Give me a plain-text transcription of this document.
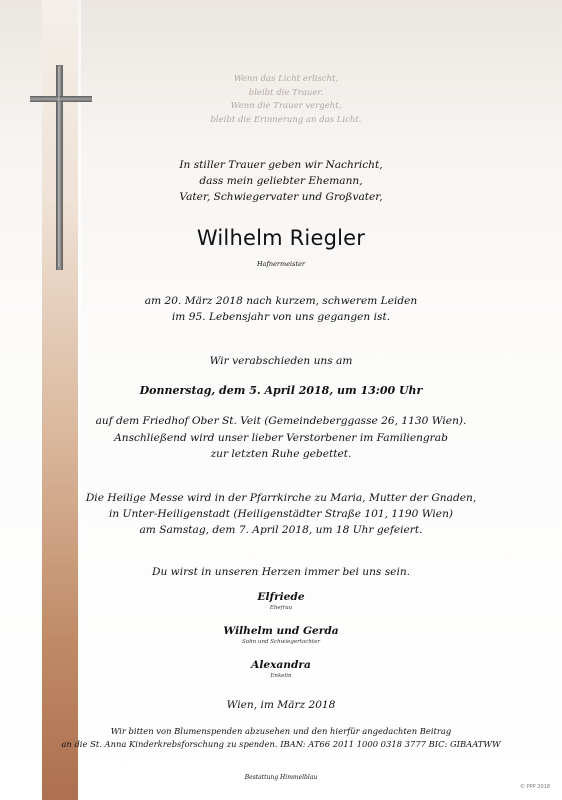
Wenn das Licht erlischt,
bleibt die Trauer.
Wenn die Trauer vergeht,
bleibt die Erinnerung an das Licht.
In stiller Trauer geben wir Nachricht,
dass mein geliebter Ehemann,
Vater, Schwiegervater und Großvater,
Wilhelm Riegler
Hafnermeister
am 20. März 2018 nach kurzem, schwerem Leiden
im 95. Lebensjahr von uns gegangen ist.
Wir verabschieden uns am
Donnerstag, dem 5. April 2018, um 13:00 Uhr
auf dem Friedhof Ober St. Veit (Gemeindeberggasse 26, 1130 Wien).
Anschließend wird unser lieber Verstorbener im Familiengrab
zur letzten Ruhe gebettet.
Die Heilige Messe wird in der Pfarrkirche zu Maria, Mutter der Gnaden,
in Unter-Heiligenstadt (Heiligenstädter Straße 101, 1190 Wien)
am Samstag, dem 7. April 2018, um 18 Uhr gefeiert.
Du wirst in unseren Herzen immer bei uns sein.
Elfriede
Ehefrau
Wilhelm und Gerda
Sohn und Schwiegertochter
Alexandra
Enkelin
Wien, im März 2018
Wir bitten von Blumenspenden abzusehen und den hierfür angedachten Beitrag
an die St. Anna Kinderkrebsforschung zu spenden. IBAN: AT66 2011 1000 0318 3777 BIC: GIBAATWW
Bestattung Himmelblau
© PPP 2018
